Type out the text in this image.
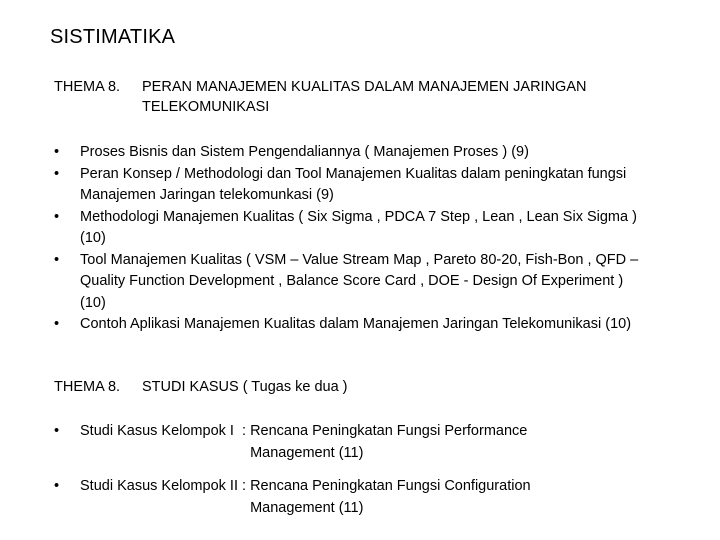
SISTIMATIKA
THEMA 8. PERAN MANAJEMEN KUALITAS DALAM MANAJEMEN JARINGAN TELEKOMUNIKASI
• Proses Bisnis dan Sistem Pengendaliannya ( Manajemen Proses ) (9)
• Peran Konsep / Methodologi dan Tool Manajemen Kualitas dalam peningkatan fungsi Manajemen Jaringan telekomunkasi (9)
• Methodologi Manajemen Kualitas ( Six Sigma , PDCA 7 Step , Lean , Lean Six Sigma ) (10)
• Tool Manajemen Kualitas ( VSM – Value Stream Map , Pareto 80-20, Fish-Bon , QFD – Quality Function Development , Balance Score Card , DOE - Design Of Experiment ) (10)
• Contoh Aplikasi Manajemen Kualitas dalam Manajemen Jaringan Telekomunikasi (10)
THEMA 8. STUDI KASUS ( Tugas ke dua )
• Studi Kasus Kelompok I  : Rencana Peningkatan Fungsi Performance Management (11)
• Studi Kasus Kelompok II : Rencana Peningkatan Fungsi Configuration Management (11)
